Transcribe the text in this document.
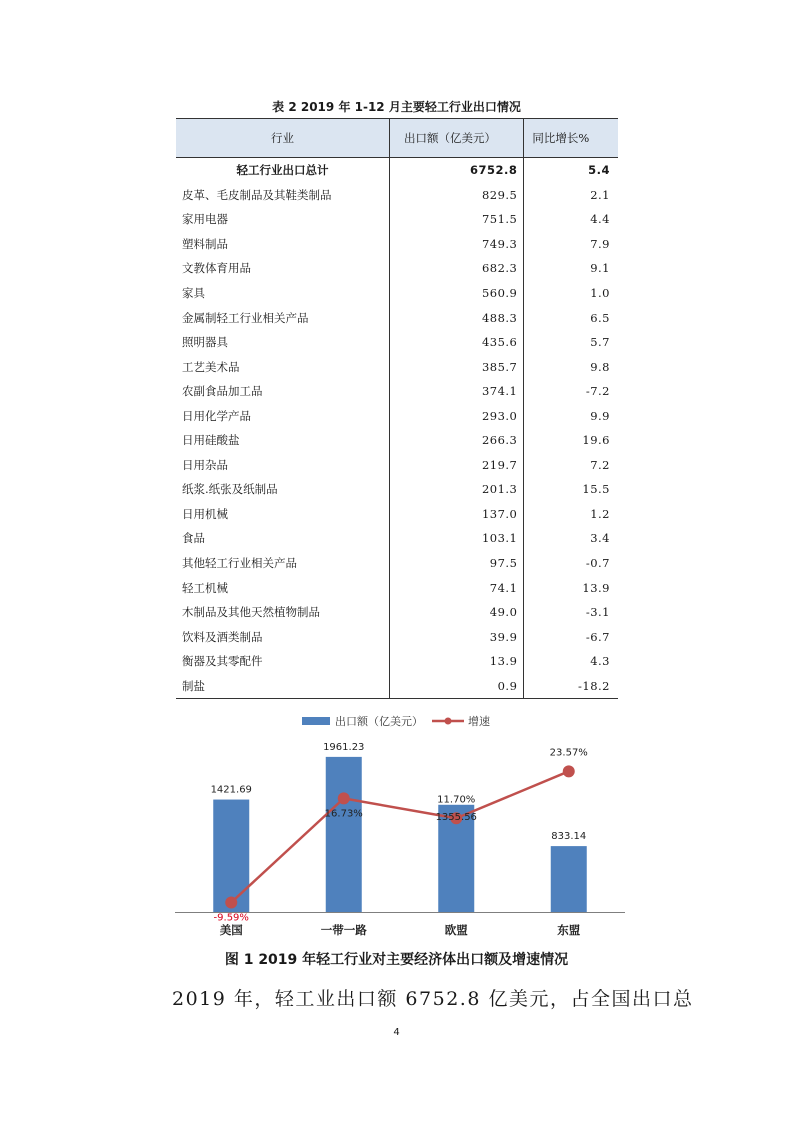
表 2 2019 年 1-12 月主要轻工行业出口情况
行业	出口额（亿美元）	同比增长%
轻工行业出口总计	6752.8	5.4
皮革、毛皮制品及其鞋类制品	829.5	2.1
家用电器	751.5	4.4
塑料制品	749.3	7.9
文教体育用品	682.3	9.1
家具	560.9	1.0
金属制轻工行业相关产品	488.3	6.5
照明器具	435.6	5.7
工艺美术品	385.7	9.8
农副食品加工品	374.1	-7.2
日用化学产品	293.0	9.9
日用硅酸盐	266.3	19.6
日用杂品	219.7	7.2
纸浆.纸张及纸制品	201.3	15.5
日用机械	137.0	1.2
食品	103.1	3.4
其他轻工行业相关产品	97.5	-0.7
轻工机械	74.1	13.9
木制品及其他天然植物制品	49.0	-3.1
饮料及酒类制品	39.9	-6.7
衡器及其零配件	13.9	4.3
制盐	0.9	-18.2
出口额（亿美元）	增速
1421.69
1961.23
1355.56
833.14
-9.59%
16.73%
11.70%
23.57%
美国	一带一路	欧盟	东盟
图 1 2019 年轻工行业对主要经济体出口额及增速情况
2019 年，轻工业出口额 6752.8 亿美元，占全国出口总
4
